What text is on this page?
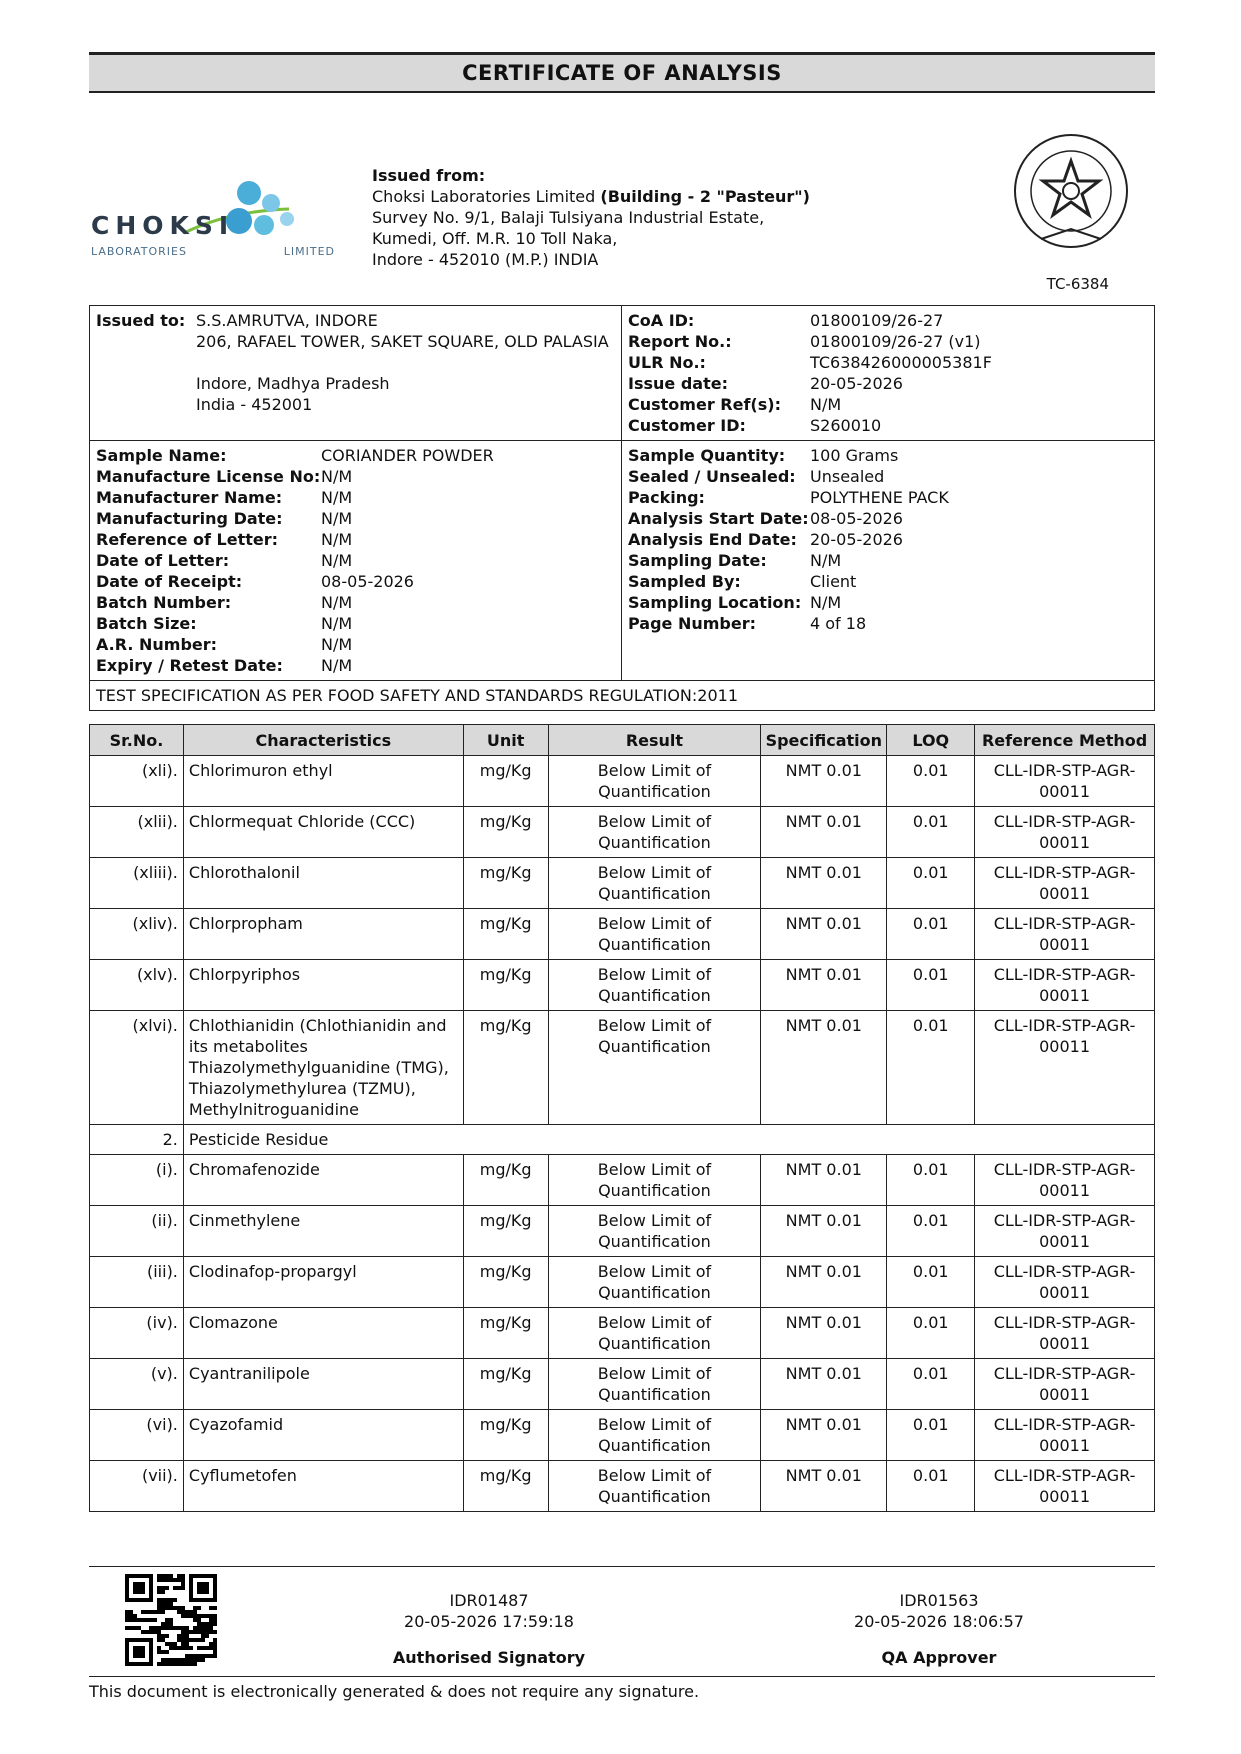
CERTIFICATE OF ANALYSIS
CHOKSI
LABORATORIES	LIMITED
Issued from:
Choksi Laboratories Limited (Building - 2 "Pasteur")
Survey No. 9/1, Balaji Tulsiyana Industrial Estate,
Kumedi, Off. M.R. 10 Toll Naka,
Indore - 452010 (M.P.) INDIA
TC-6384
Issued to: S.S.AMRUTVA, INDORE
206, RAFAEL TOWER, SAKET SQUARE, OLD PALASIA
Indore, Madhya Pradesh
India - 452001
CoA ID:	01800109/26-27
Report No.:	01800109/26-27 (v1)
ULR No.:	TC638426000005381F
Issue date:	20-05-2026
Customer Ref(s):	N/M
Customer ID:	S260010
Sample Name:	CORIANDER POWDER
Manufacture License No: N/M
Manufacturer Name:	N/M
Manufacturing Date:	N/M
Reference of Letter:	N/M
Date of Letter:	N/M
Date of Receipt:	08-05-2026
Batch Number:	N/M
Batch Size:	N/M
A.R. Number:	N/M
Expiry / Retest Date:	N/M
Sample Quantity:	100 Grams
Sealed / Unsealed: Unsealed
Packing:	POLYTHENE PACK
Analysis Start Date: 08-05-2026
Analysis End Date: 20-05-2026
Sampling Date:	N/M
Sampled By:	Client
Sampling Location: N/M
Page Number:	4 of 18
TEST SPECIFICATION AS PER FOOD SAFETY AND STANDARDS REGULATION:2011
Sr.No.	Characteristics	Unit	Result	Specification	LOQ	Reference Method
(xli).	Chlorimuron ethyl	mg/Kg	Below Limit of Quantification	NMT 0.01	0.01	CLL-IDR-STP-AGR-00011
(xlii).	Chlormequat Chloride (CCC)	mg/Kg	Below Limit of Quantification	NMT 0.01	0.01	CLL-IDR-STP-AGR-00011
(xliii).	Chlorothalonil	mg/Kg	Below Limit of Quantification	NMT 0.01	0.01	CLL-IDR-STP-AGR-00011
(xliv).	Chlorpropham	mg/Kg	Below Limit of Quantification	NMT 0.01	0.01	CLL-IDR-STP-AGR-00011
(xlv).	Chlorpyriphos	mg/Kg	Below Limit of Quantification	NMT 0.01	0.01	CLL-IDR-STP-AGR-00011
(xlvi).	Chlothianidin (Chlothianidin and its metabolites Thiazolymethylguanidine (TMG), Thiazolymethylurea (TZMU), Methylnitroguanidine	mg/Kg	Below Limit of Quantification	NMT 0.01	0.01	CLL-IDR-STP-AGR-00011
2.	Pesticide Residue					
(i).	Chromafenozide	mg/Kg	Below Limit of Quantification	NMT 0.01	0.01	CLL-IDR-STP-AGR-00011
(ii).	Cinmethylene	mg/Kg	Below Limit of Quantification	NMT 0.01	0.01	CLL-IDR-STP-AGR-00011
(iii).	Clodinafop-propargyl	mg/Kg	Below Limit of Quantification	NMT 0.01	0.01	CLL-IDR-STP-AGR-00011
(iv).	Clomazone	mg/Kg	Below Limit of Quantification	NMT 0.01	0.01	CLL-IDR-STP-AGR-00011
(v).	Cyantranilipole	mg/Kg	Below Limit of Quantification	NMT 0.01	0.01	CLL-IDR-STP-AGR-00011
(vi).	Cyazofamid	mg/Kg	Below Limit of Quantification	NMT 0.01	0.01	CLL-IDR-STP-AGR-00011
(vii).	Cyflumetofen	mg/Kg	Below Limit of Quantification	NMT 0.01	0.01	CLL-IDR-STP-AGR-00011
IDR01487
20-05-2026 17:59:18
Authorised Signatory
IDR01563
20-05-2026 18:06:57
QA Approver
This document is electronically generated & does not require any signature.
